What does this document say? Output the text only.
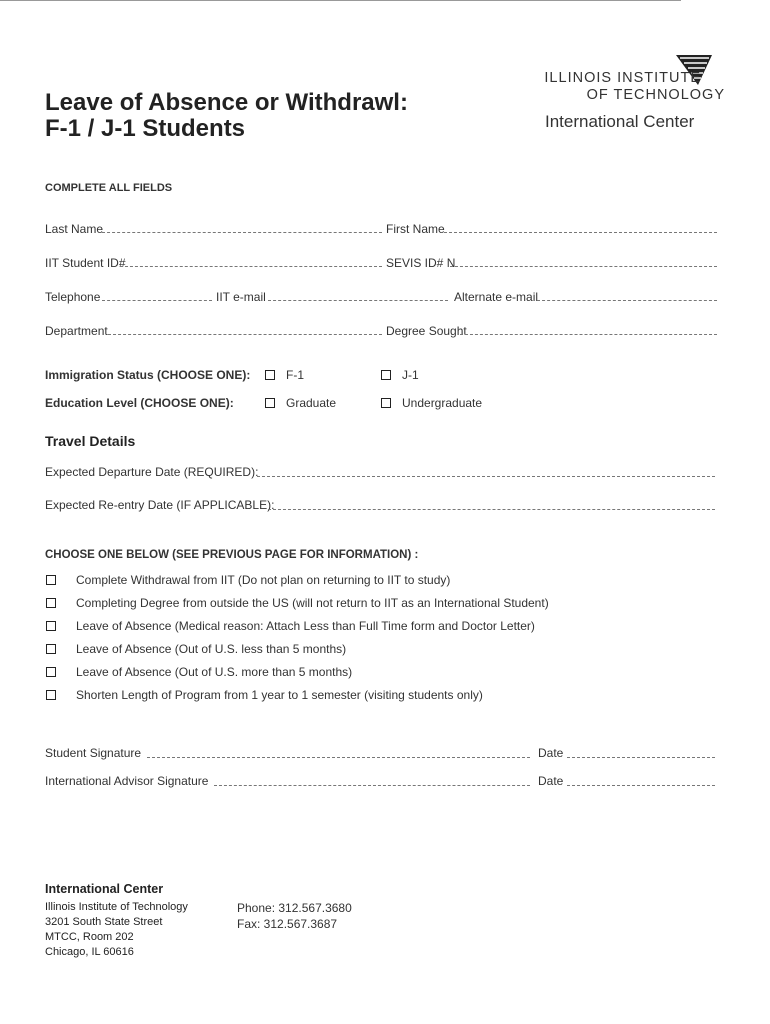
Leave of Absence or Withdrawl:
F-1 / J-1 Students
ILLINOIS INSTITUTE
OF TECHNOLOGY
International Center
COMPLETE ALL FIELDS
Last Name	First Name
IIT Student ID#	SEVIS ID# N
Telephone	IIT e-mail	Alternate e-mail
Department	Degree Sought
Immigration Status (CHOOSE ONE):	F-1	J-1
Education Level (CHOOSE ONE):	Graduate	Undergraduate
Travel Details
Expected Departure Date (REQUIRED):
Expected Re-entry Date (IF APPLICABLE):
CHOOSE ONE BELOW (SEE PREVIOUS PAGE FOR INFORMATION) :
Complete Withdrawal from IIT (Do not plan on returning to IIT to study)
Completing Degree from outside the US (will not return to IIT as an International Student)
Leave of Absence (Medical reason: Attach Less than Full Time form and Doctor Letter)
Leave of Absence (Out of U.S. less than 5 months)
Leave of Absence (Out of U.S. more than 5 months)
Shorten Length of Program from 1 year to 1 semester (visiting students only)
Student Signature	Date
International Advisor Signature	Date
International Center
Illinois Institute of Technology
3201 South State Street
MTCC, Room 202
Chicago, IL 60616
Phone: 312.567.3680
Fax: 312.567.3687
